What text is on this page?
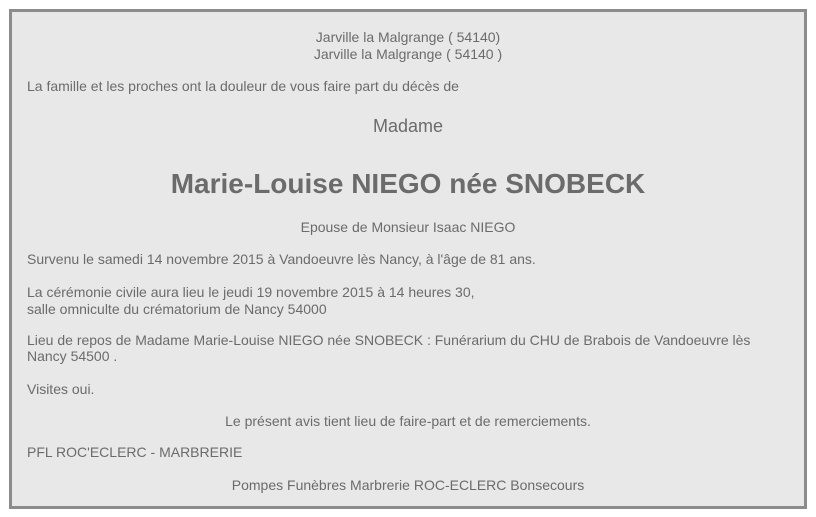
Jarville la Malgrange ( 54140)
Jarville la Malgrange ( 54140 )
La famille et les proches ont la douleur de vous faire part du décès de
Madame
Marie-Louise NIEGO née SNOBECK
Epouse de Monsieur Isaac NIEGO
Survenu le samedi 14 novembre 2015 à Vandoeuvre lès Nancy, à l'âge de 81 ans.
La cérémonie civile aura lieu le jeudi 19 novembre 2015 à 14 heures 30,
salle omniculte du crématorium de Nancy 54000
Lieu de repos de Madame Marie-Louise NIEGO née SNOBECK : Funérarium du CHU de Brabois de Vandoeuvre lès Nancy 54500 .
Visites oui.
Le présent avis tient lieu de faire-part et de remerciements.
PFL ROC'ECLERC - MARBRERIE
Pompes Funèbres Marbrerie ROC-ECLERC Bonsecours
